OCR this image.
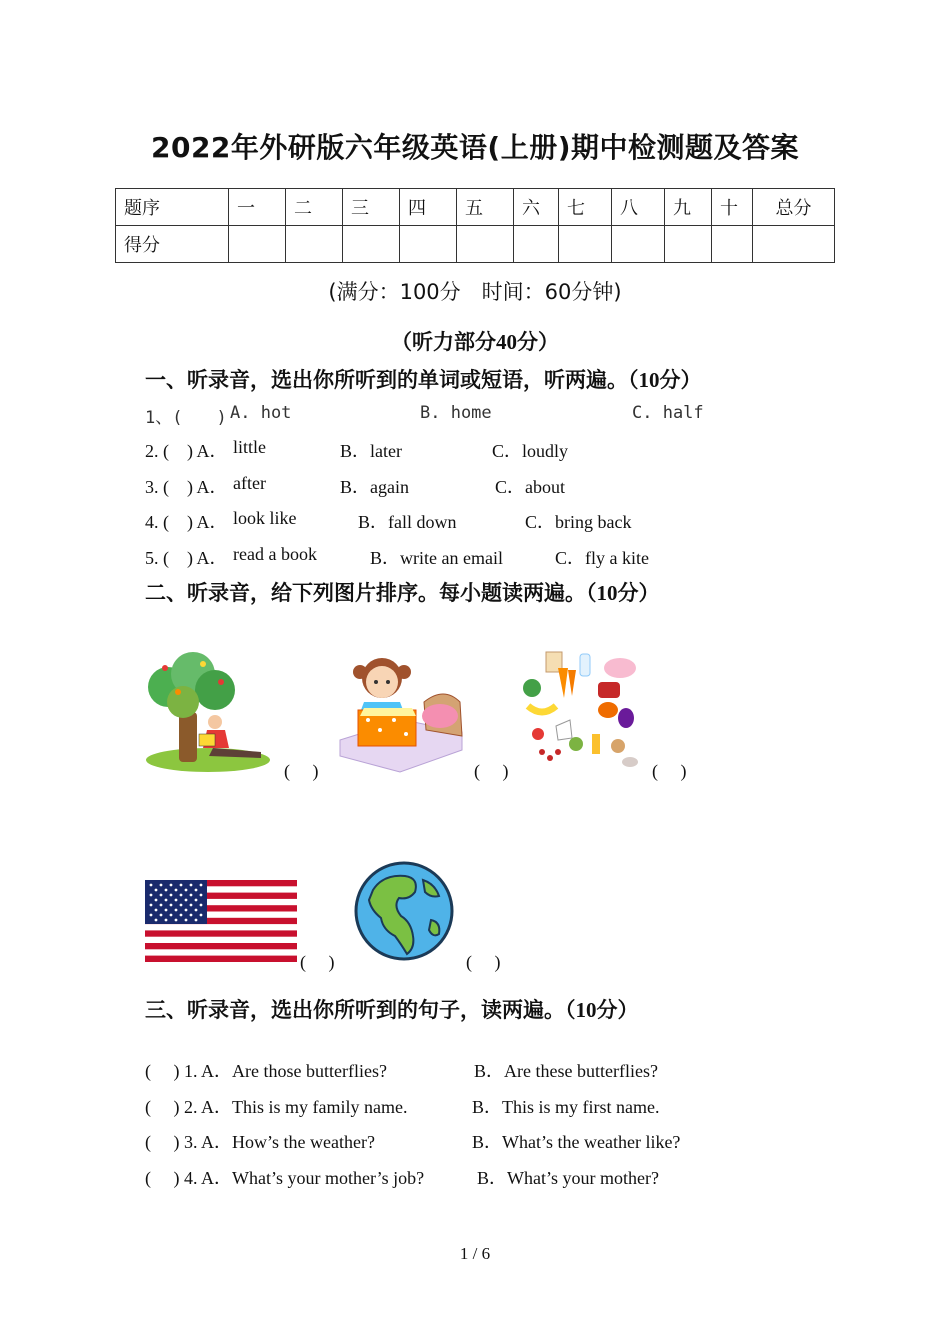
2022年外研版六年级英语(上册)期中检测题及答案
题序	一	二	三	四	五	六	七	八	九	十	总分
得分											
(满分：100分　时间：60分钟)
（听力部分40分）
一、听录音，选出你所听到的单词或短语，听两遍。（10分）
1、(　　) A. hot	B. home	C. half
2. (　) A． little	B．later	C．loudly
3. (　) A． after	B．again	C．about
4. (　) A． look like	B．fall down	C．bring back
5. (　) A． read a book	B．write an email	C．fly a kite
二、听录音，给下列图片排序。每小题读两遍。（10分）
(　 )	(　 )	(　 )
(　 )	(　 )
三、听录音，选出你所听到的句子，读两遍。（10分）
(　 ) 1. A．Are those butterflies?	B．Are these butterflies?
(　 ) 2. A．This is my family name.	B．This is my first name.
(　 ) 3. A．How’s the weather?	B．What’s the weather like?
(　 ) 4. A．What’s your mother’s job?	B．What’s your mother?
1 / 6
